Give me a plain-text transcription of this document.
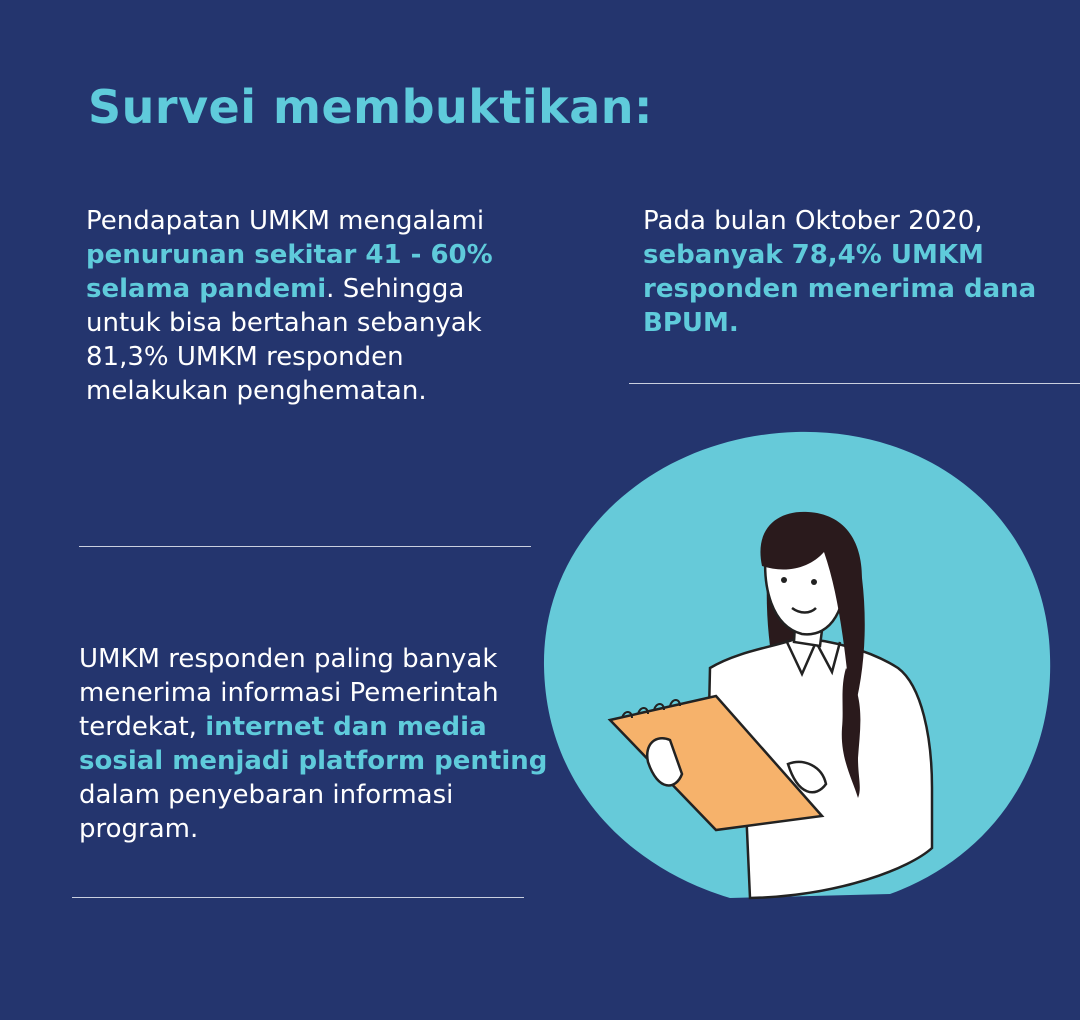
Survei membuktikan:
Pendapatan UMKM mengalami penurunan sekitar 41 - 60% selama pandemi. Sehingga untuk bisa bertahan sebanyak 81,3% UMKM responden melakukan penghematan.
Pada bulan Oktober 2020, sebanyak 78,4% UMKM responden menerima dana BPUM.
UMKM responden paling banyak menerima informasi Pemerintah terdekat, internet dan media sosial menjadi platform penting dalam penyebaran informasi program.
